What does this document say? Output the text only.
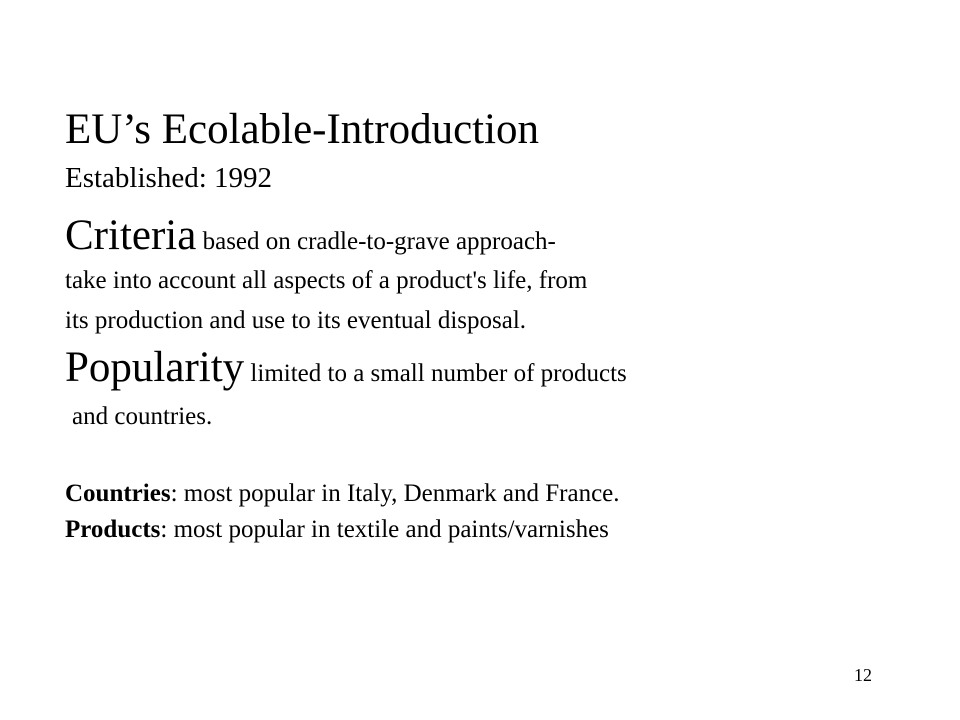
EU’s Ecolable-Introduction
Established: 1992
Criteria based on cradle-to-grave approach-
take into account all aspects of a product's life, from
its production and use to its eventual disposal.
Popularity limited to a small number of products
and countries.
Countries: most popular in Italy, Denmark and France.
Products: most popular in textile and paints/varnishes
12
